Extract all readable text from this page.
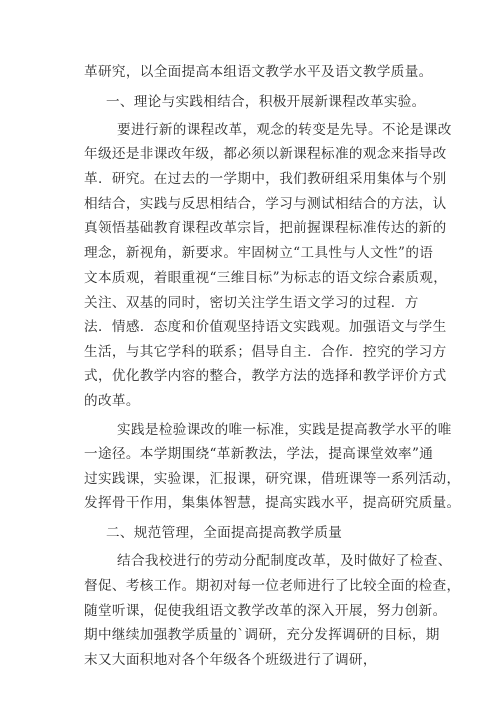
革研究，以全面提高本组语文教学水平及语文教学质量。
一、理论与实践相结合，积极开展新课程改革实验。
要进行新的课程改革，观念的转变是先导。不论是课改
年级还是非课改年级，都必须以新课程标准的观念来指导改
革．研究。在过去的一学期中，我们教研组采用集体与个别
相结合，实践与反思相结合，学习与测试相结合的方法，认
真领悟基础教育课程改革宗旨，把前握课程标准传达的新的
理念，新视角，新要求。牢固树立“工具性与人文性”的语
文本质观，着眼重视“三维目标”为标志的语文综合素质观，
关注、双基的同时，密切关注学生语文学习的过程．方
法．情感．态度和价值观坚持语文实践观。加强语文与学生
生活，与其它学科的联系；倡导自主．合作．控究的学习方
式，优化教学内容的整合，教学方法的选择和教学评价方式
的改革。
实践是检验课改的唯一标准，实践是提高教学水平的唯
一途径。本学期围绕“革新教法，学法，提高课堂效率”通
过实践课，实验课，汇报课，研究课，借班课等一系列活动，
发挥骨干作用，集集体智慧，提高实践水平，提高研究质量。
二、规范管理，全面提高提高教学质量
结合我校进行的劳动分配制度改革，及时做好了检查、
督促、考核工作。期初对每一位老师进行了比较全面的检查，
随堂听课，促使我组语文教学改革的深入开展，努力创新。
期中继续加强教学质量的`调研，充分发挥调研的目标，期
末又大面积地对各个年级各个班级进行了调研，
